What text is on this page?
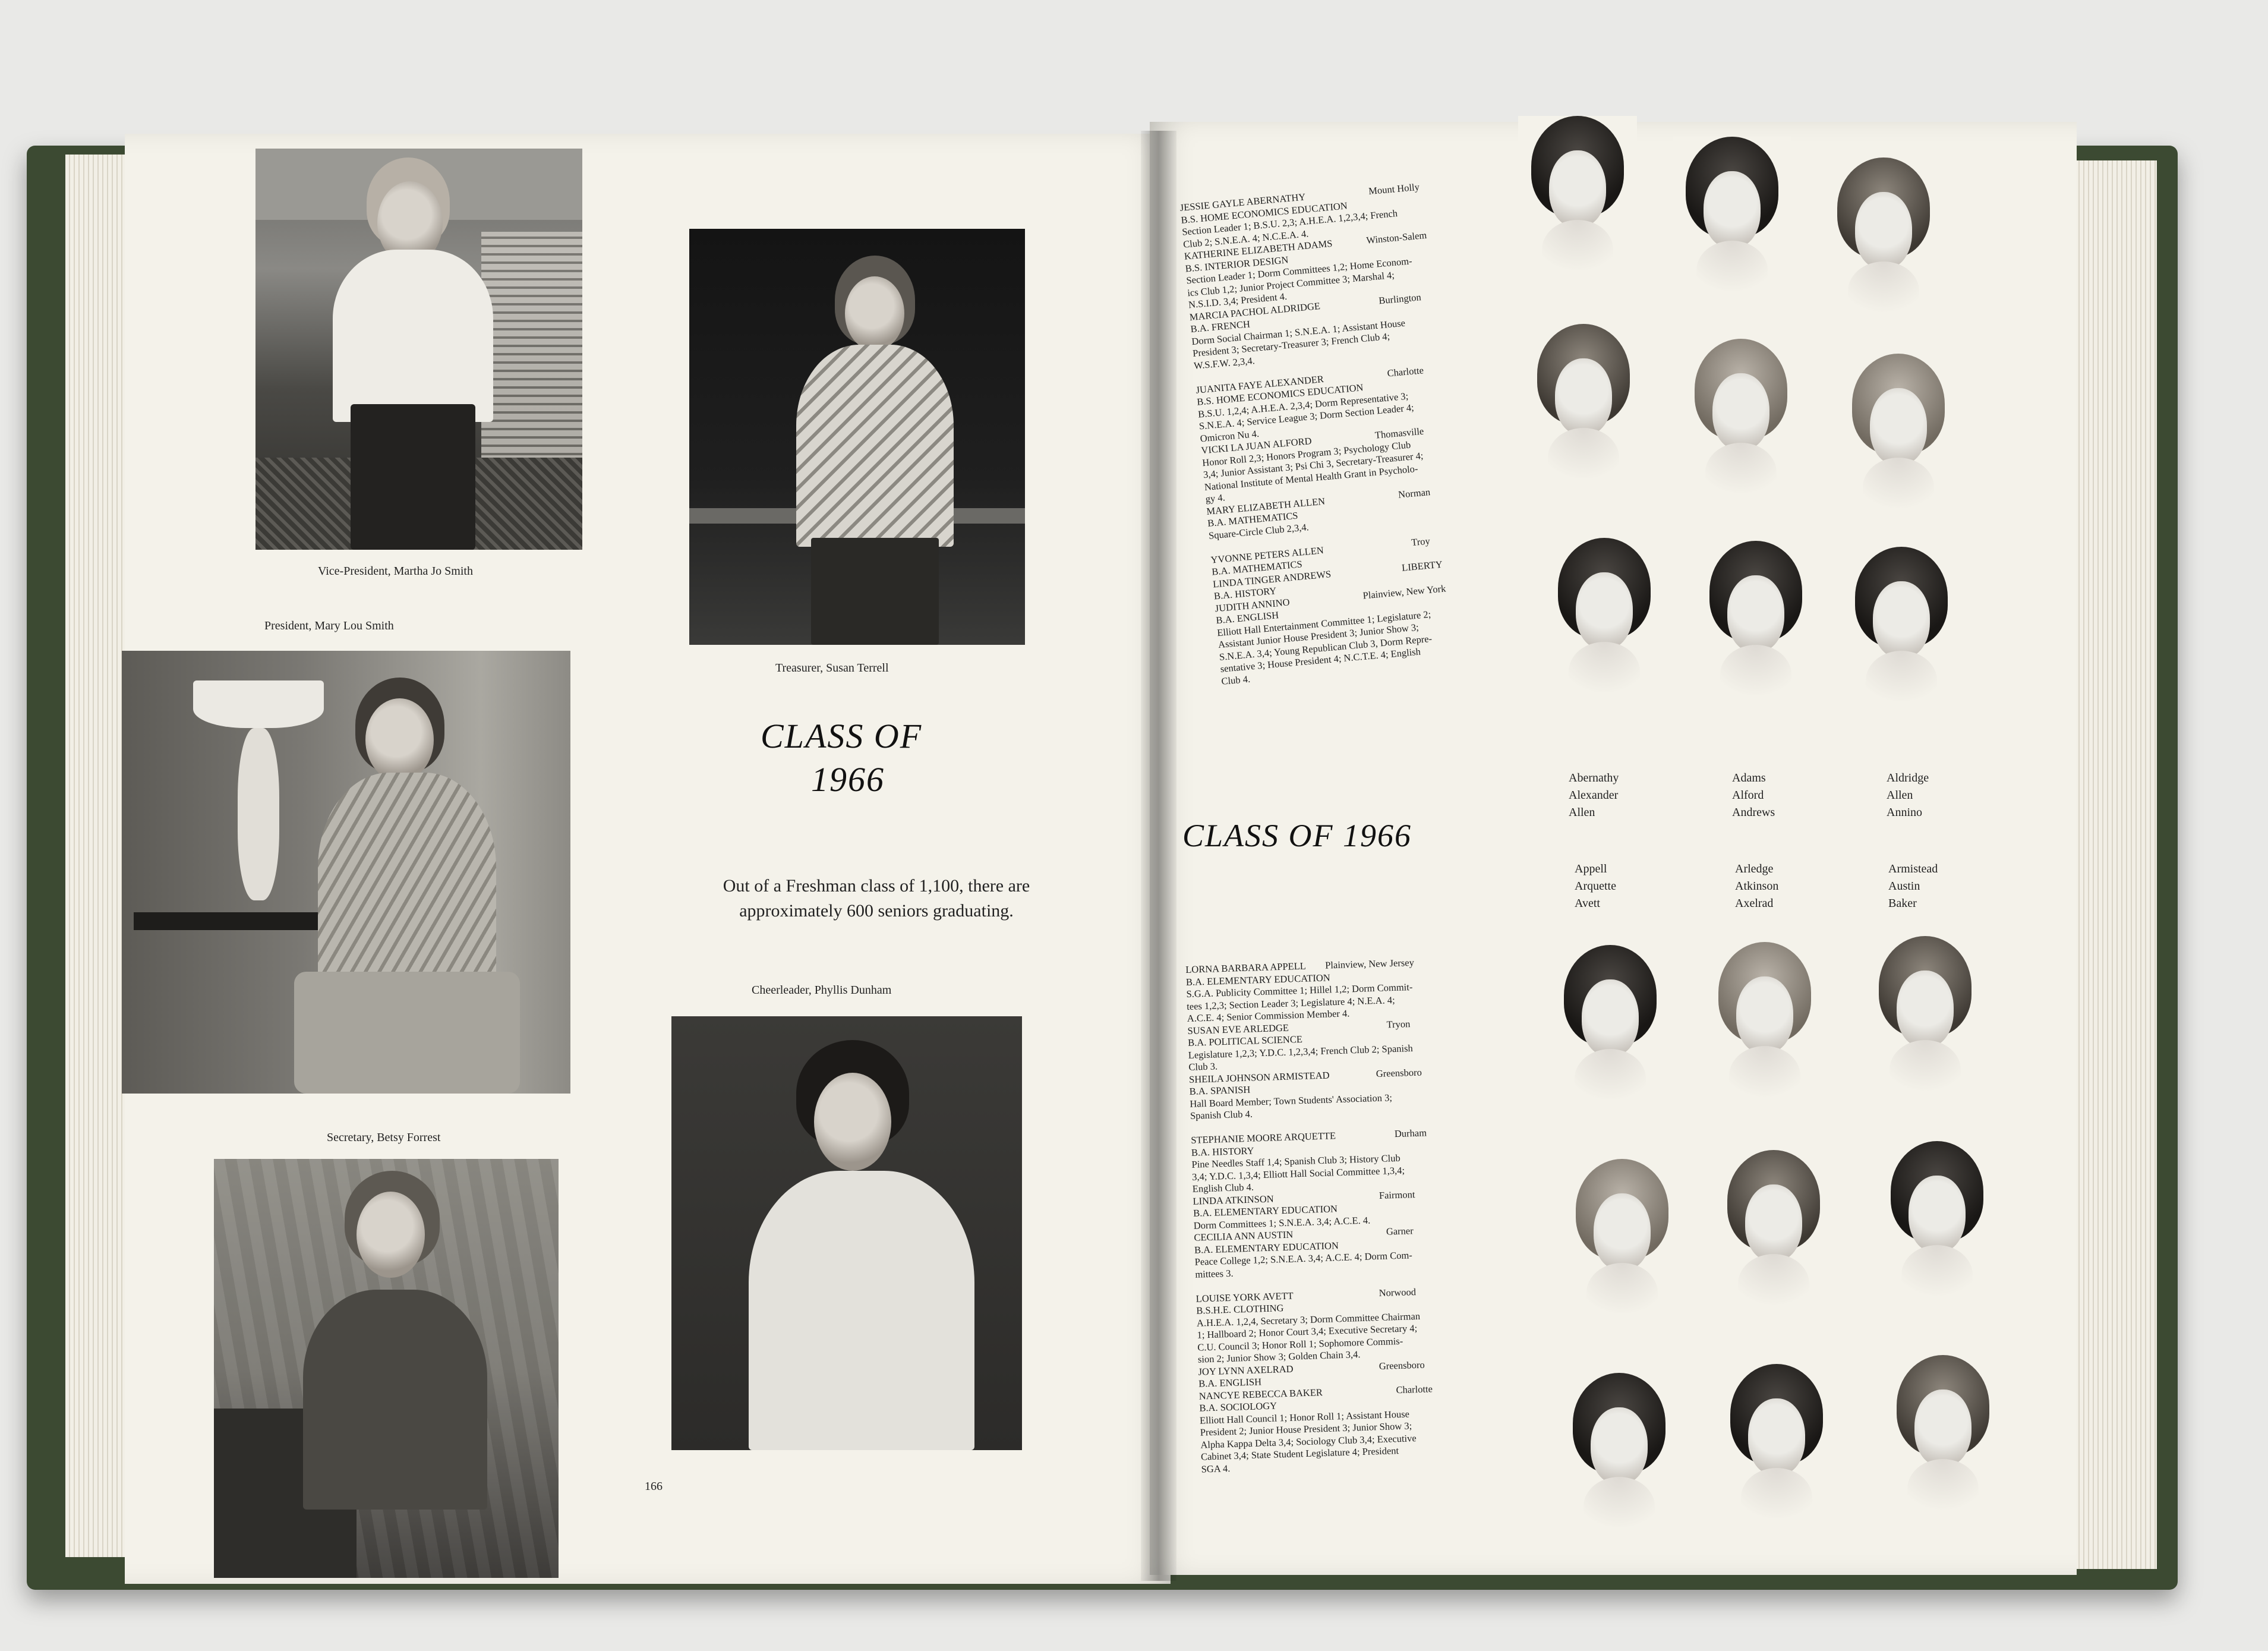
Vice-President, Martha Jo Smith
President, Mary Lou Smith
Treasurer, Susan Terrell
CLASS OF
1966
Out of a Freshman class of 1,100, there are approximately 600 seniors graduating.
Cheerleader, Phyllis Dunham
Secretary, Betsy Forrest
166
JESSIE GAYLE ABERNATHY                          Mount Holly
B.S. HOME ECONOMICS EDUCATION
Section Leader 1; B.S.U. 2,3; A.H.E.A. 1,2,3,4; French
Club 2; S.N.E.A. 4; N.C.E.A. 4.
KATHERINE ELIZABETH ADAMS              Winston-Salem
B.S. INTERIOR DESIGN
Section Leader 1; Dorm Committees 1,2; Home Econom-
ics Club 1,2; Junior Project Committee 3; Marshal 4;
N.S.I.D. 3,4; President 4.
MARCIA PACHOL ALDRIDGE                        Burlington
B.A. FRENCH
Dorm Social Chairman 1; S.N.E.A. 1; Assistant House
President 3; Secretary-Treasurer 3; French Club 4;
W.S.F.W. 2,3,4.

JUANITA FAYE ALEXANDER                          Charlotte
B.S. HOME ECONOMICS EDUCATION
B.S.U. 1,2,4; A.H.E.A. 2,3,4; Dorm Representative 3;
S.N.E.A. 4; Service League 3; Dorm Section Leader 4;
Omicron Nu 4.
VICKI LA JUAN ALFORD                          Thomasville
Honor Roll 2,3; Honors Program 3; Psychology Club
3,4; Junior Assistant 3; Psi Chi 3, Secretary-Treasurer 4;
National Institute of Mental Health Grant in Psycholo-
gy 4.
MARY ELIZABETH ALLEN                              Norman
B.A. MATHEMATICS
Square-Circle Club 2,3,4.

YVONNE PETERS ALLEN                                    Troy
B.A. MATHEMATICS
LINDA TINGER ANDREWS                             LIBERTY
B.A. HISTORY
JUDITH ANNINO                              Plainview, New York
B.A. ENGLISH
Elliott Hall Entertainment Committee 1; Legislature 2;
Assistant Junior House President 3; Junior Show 3;
S.N.E.A. 3,4; Young Republican Club 3, Dorm Repre-
sentative 3; House President 4; N.C.T.E. 4; English
Club 4.
CLASS OF 1966
LORNA BARBARA APPELL        Plainview, New Jersey
B.A. ELEMENTARY EDUCATION
S.G.A. Publicity Committee 1; Hillel 1,2; Dorm Commit-
tees 1,2,3; Section Leader 3; Legislature 4; N.E.A. 4;
A.C.E. 4; Senior Commission Member 4.
SUSAN EVE ARLEDGE                                        Tryon
B.A. POLITICAL SCIENCE
Legislature 1,2,3; Y.D.C. 1,2,3,4; French Club 2; Spanish
Club 3.
SHEILA JOHNSON ARMISTEAD                   Greensboro
B.A. SPANISH
Hall Board Member; Town Students' Association 3;
Spanish Club 4.

STEPHANIE MOORE ARQUETTE                        Durham
B.A. HISTORY
Pine Needles Staff 1,4; Spanish Club 3; History Club
3,4; Y.D.C. 1,3,4; Elliott Hall Social Committee 1,3,4;
English Club 4.
LINDA ATKINSON                                           Fairmont
B.A. ELEMENTARY EDUCATION
Dorm Committees 1; S.N.E.A. 3,4; A.C.E. 4.
CECILIA ANN AUSTIN                                      Garner
B.A. ELEMENTARY EDUCATION
Peace College 1,2; S.N.E.A. 3,4; A.C.E. 4; Dorm Com-
mittees 3.

LOUISE YORK AVETT                                   Norwood
B.S.H.E. CLOTHING
A.H.E.A. 1,2,4, Secretary 3; Dorm Committee Chairman
1; Hallboard 2; Honor Court 3,4; Executive Secretary 4;
C.U. Council 3; Honor Roll 1; Sophomore Commis-
sion 2; Junior Show 3; Golden Chain 3,4.
JOY LYNN AXELRAD                                   Greensboro
B.A. ENGLISH
NANCYE REBECCA BAKER                              Charlotte
B.A. SOCIOLOGY
Elliott Hall Council 1; Honor Roll 1; Assistant House
President 2; Junior House President 3; Junior Show 3;
Alpha Kappa Delta 3,4; Sociology Club 3,4; Executive
Cabinet 3,4; State Student Legislature 4; President
SGA 4.
Abernathy
Alexander
Allen
Adams
Alford
Andrews
Aldridge
Allen
Annino
Appell
Arquette
Avett
Arledge
Atkinson
Axelrad
Armistead
Austin
Baker
